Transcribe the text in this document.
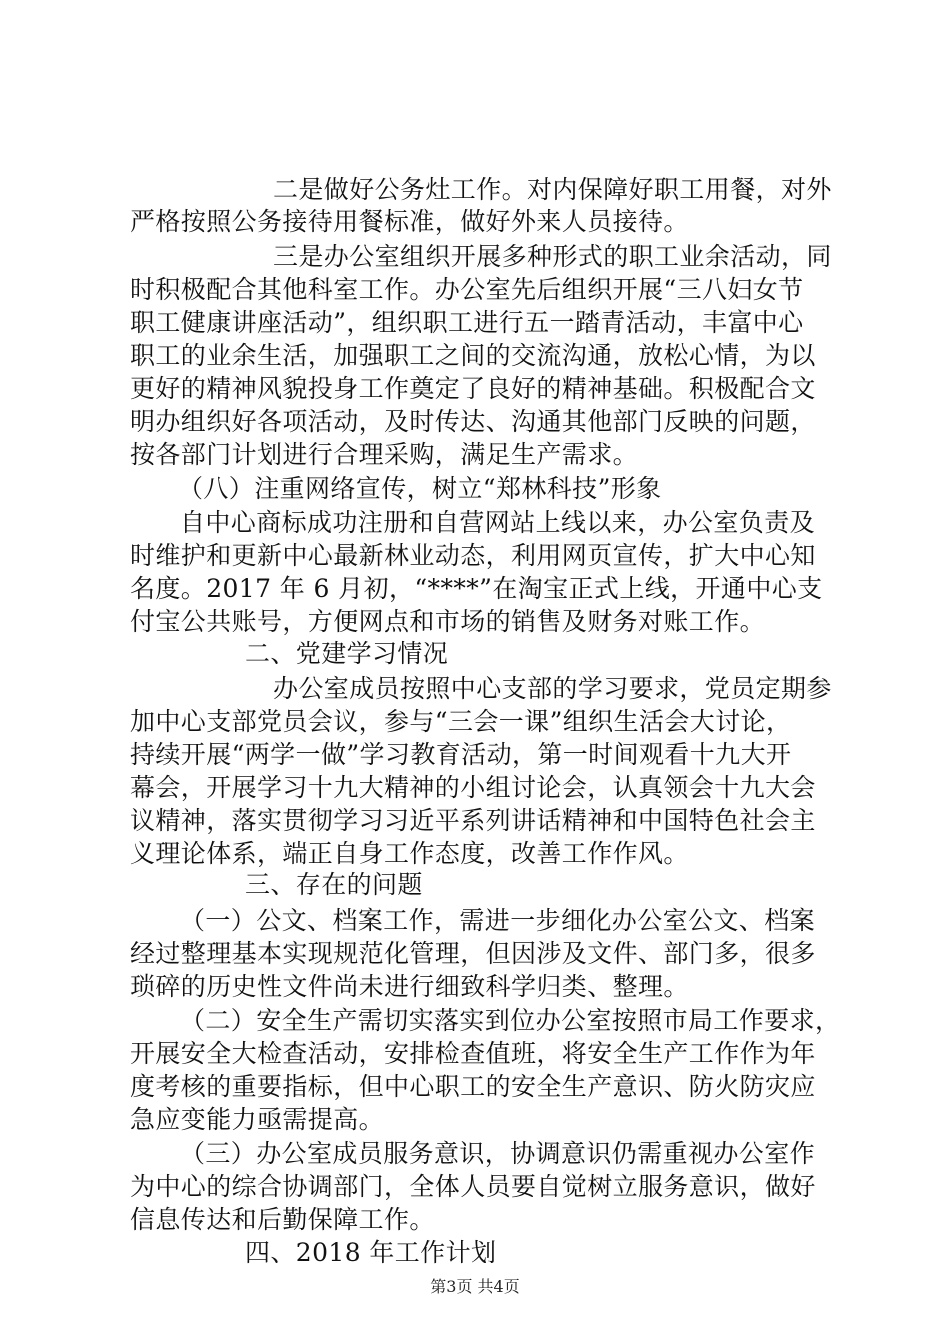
二是做好公务灶工作。对内保障好职工用餐，对外
严格按照公务接待用餐标准，做好外来人员接待。
三是办公室组织开展多种形式的职工业余活动，同
时积极配合其他科室工作。办公室先后组织开展“三八妇女节
职工健康讲座活动”，组织职工进行五一踏青活动，丰富中心
职工的业余生活，加强职工之间的交流沟通，放松心情，为以
更好的精神风貌投身工作奠定了良好的精神基础。积极配合文
明办组织好各项活动，及时传达、沟通其他部门反映的问题，
按各部门计划进行合理采购，满足生产需求。
（八）注重网络宣传，树立“郑林科技”形象
自中心商标成功注册和自营网站上线以来，办公室负责及
时维护和更新中心最新林业动态，利用网页宣传，扩大中心知
名度。2017 年 6 月初，“****”在淘宝正式上线，开通中心支
付宝公共账号，方便网点和市场的销售及财务对账工作。
二、党建学习情况
办公室成员按照中心支部的学习要求，党员定期参
加中心支部党员会议，参与“三会一课”组织生活会大讨论，
持续开展“两学一做”学习教育活动，第一时间观看十九大开
幕会，开展学习十九大精神的小组讨论会，认真领会十九大会
议精神，落实贯彻学习习近平系列讲话精神和中国特色社会主
义理论体系，端正自身工作态度，改善工作作风。
三、存在的问题
（一）公文、档案工作，需进一步细化办公室公文、档案
经过整理基本实现规范化管理，但因涉及文件、部门多，很多
琐碎的历史性文件尚未进行细致科学归类、整理。
（二）安全生产需切实落实到位办公室按照市局工作要求，
开展安全大检查活动，安排检查值班，将安全生产工作作为年
度考核的重要指标，但中心职工的安全生产意识、防火防灾应
急应变能力亟需提高。
（三）办公室成员服务意识，协调意识仍需重视办公室作
为中心的综合协调部门，全体人员要自觉树立服务意识，做好
信息传达和后勤保障工作。
四、2018 年工作计划
第3页 共4页
